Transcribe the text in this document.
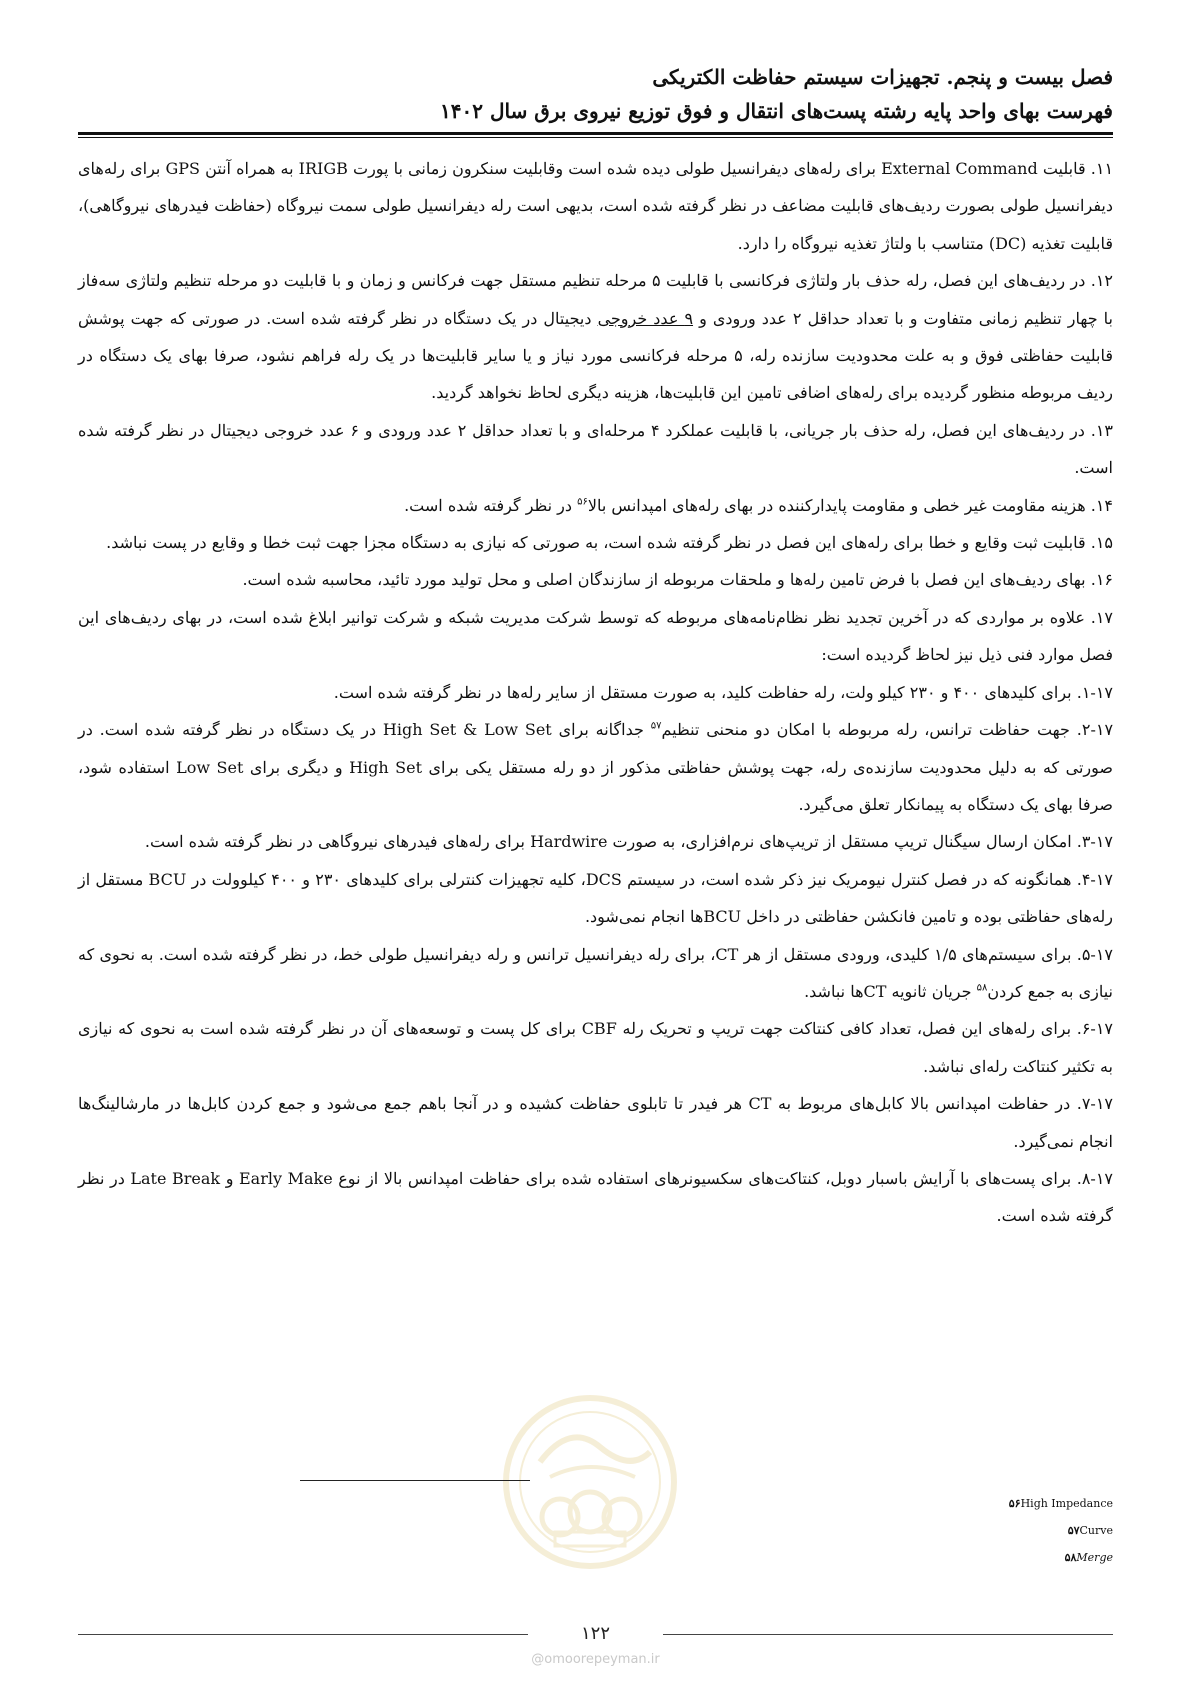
فصل بیست و پنجم. تجهیزات سیستم حفاظت الکتریکی
فهرست بهای واحد پایه رشته پست‌های انتقال و فوق توزیع نیروی برق سال ۱۴۰۲

۱۱. قابلیت External Command برای رله‌های دیفرانسیل طولی دیده شده است وقابلیت سنکرون زمانی با پورت IRIGB به همراه آنتن GPS برای رله‌های دیفرانسیل طولی بصورت ردیف‌های قابلیت مضاعف در نظر گرفته شده است، بدیهی است رله دیفرانسیل طولی سمت نیروگاه (حفاظت فیدرهای نیروگاهی)، قابلیت تغذیه (DC) متناسب با ولتاژ تغذیه نیروگاه را دارد.

۱۲. در ردیف‌های این فصل، رله حذف بار ولتاژی فرکانسی با قابلیت ۵ مرحله تنظیم مستقل جهت فرکانس و زمان و با قابلیت دو مرحله تنظیم ولتاژی سه‌فاز با چهار تنظیم زمانی متفاوت و با تعداد حداقل ۲ عدد ورودی و ۹ عدد خروجی دیجیتال در یک دستگاه در نظر گرفته شده است. در صورتی که جهت پوشش قابلیت حفاظتی فوق و به علت محدودیت سازنده رله، ۵ مرحله فرکانسی مورد نیاز و یا سایر قابلیت‌ها در یک رله فراهم نشود، صرفا بهای یک دستگاه در ردیف مربوطه منظور گردیده برای رله‌های اضافی تامین این قابلیت‌ها، هزینه دیگری لحاظ نخواهد گردید.

۱۳. در ردیف‌های این فصل، رله حذف بار جریانی، با قابلیت عملکرد ۴ مرحله‌ای و با تعداد حداقل ۲ عدد ورودی و ۶ عدد خروجی دیجیتال در نظر گرفته شده است.

۱۴. هزینه مقاومت غیر خطی و مقاومت پایدارکننده در بهای رله‌های امپدانس بالا$^{۵۶}$ در نظر گرفته شده است.

۱۵. قابلیت ثبت وقایع و خطا برای رله‌های این فصل در نظر گرفته شده است، به صورتی که نیازی به دستگاه مجزا جهت ثبت خطا و وقایع در پست نباشد.

۱۶. بهای ردیف‌های این فصل با فرض تامین رله‌ها و ملحقات مربوطه از سازندگان اصلی و محل تولید مورد تائید، محاسبه شده است.

۱۷. علاوه بر مواردی که در آخرین تجدید نظر نظام‌نامه‌های مربوطه که توسط شرکت مدیریت شبکه و شرکت توانیر ابلاغ شده است، در بهای ردیف‌های این فصل موارد فنی ذیل نیز لحاظ گردیده است:

۱-۱۷. برای کلیدهای ۴۰۰ و ۲۳۰ کیلو ولت، رله حفاظت کلید، به صورت مستقل از سایر رله‌ها در نظر گرفته شده است.

۲-۱۷. جهت حفاظت ترانس، رله مربوطه با امکان دو منحنی تنظیم$^{۵۷}$ جداگانه برای High Set & Low Set در یک دستگاه در نظر گرفته شده است. در صورتی که به دلیل محدودیت سازنده‌ی رله، جهت پوشش حفاظتی مذکور از دو رله مستقل یکی برای High Set و دیگری برای Low Set استفاده شود، صرفا بهای یک دستگاه به پیمانکار تعلق می‌گیرد.

۳-۱۷. امکان ارسال سیگنال تریپ مستقل از تریپ‌های نرم‌افزاری، به صورت Hardwire برای رله‌های فیدرهای نیروگاهی در نظر گرفته شده است.

۴-۱۷. همانگونه که در فصل کنترل نیومریک نیز ذکر شده است، در سیستم DCS، کلیه تجهیزات کنترلی برای کلیدهای ۲۳۰ و ۴۰۰ کیلوولت در BCU مستقل از رله‌های حفاظتی بوده و تامین فانکشن حفاظتی در داخل BCUها انجام نمی‌شود.

۵-۱۷. برای سیستم‌های ۱/۵ کلیدی، ورودی مستقل از هر CT، برای رله دیفرانسیل ترانس و رله دیفرانسیل طولی خط، در نظر گرفته شده است. به نحوی که نیازی به جمع کردن$^{۵۸}$ جریان ثانویه CTها نباشد.

۶-۱۷. برای رله‌های این فصل، تعداد کافی کنتاکت جهت تریپ و تحریک رله CBF برای کل پست و توسعه‌های آن در نظر گرفته شده است به نحوی که نیازی به تکثیر کنتاکت رله‌ای نباشد.

۷-۱۷. در حفاظت امپدانس بالا کابل‌های مربوط به CT هر فیدر تا تابلوی حفاظت کشیده و در آنجا باهم جمع می‌شود و جمع کردن کابل‌ها در مارشالینگ‌ها انجام نمی‌گیرد.

۸-۱۷. برای پست‌های با آرایش باسبار دوبل، کنتاکت‌های سکسیونرهای استفاده شده برای حفاظت امپدانس بالا از نوع Early Make و Late Break در نظر گرفته شده است.

۵۶High Impedance
۵۷Curve
۵۸Merge
۱۲۲
@omoorepeyman.ir
